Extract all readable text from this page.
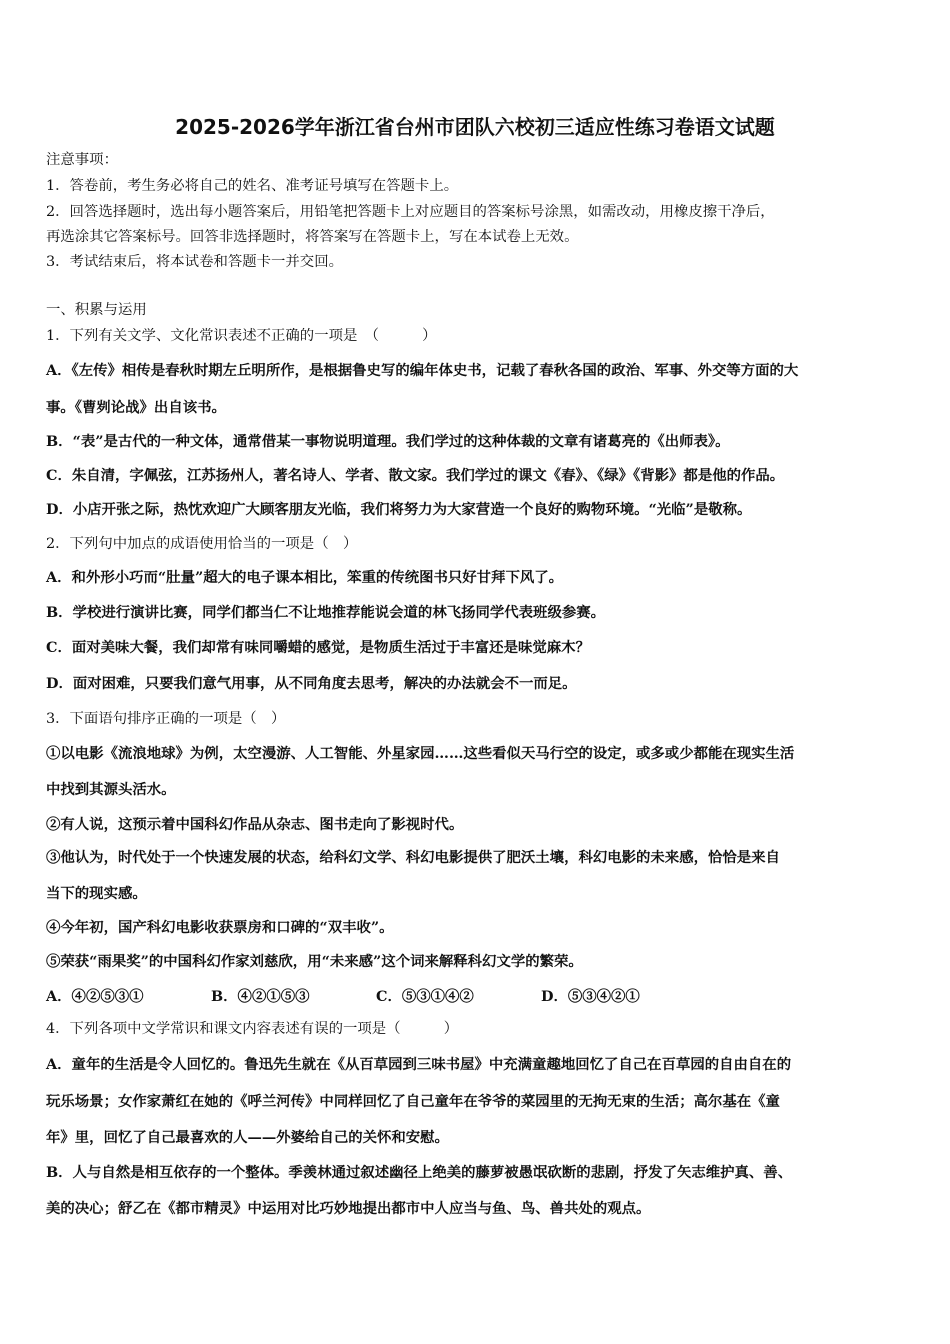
2025-2026学年浙江省台州市团队六校初三适应性练习卷语文试题
注意事项：
1．答卷前，考生务必将自己的姓名、准考证号填写在答题卡上。
2．回答选择题时，选出每小题答案后，用铅笔把答题卡上对应题目的答案标号涂黑，如需改动，用橡皮擦干净后，
再选涂其它答案标号。回答非选择题时，将答案写在答题卡上，写在本试卷上无效。
3．考试结束后，将本试卷和答题卡一并交回。
一、积累与运用
1．下列有关文学、文化常识表述不正确的一项是　（　　　）
A．《左传》相传是春秋时期左丘明所作，是根据鲁史写的编年体史书，记载了春秋各国的政治、军事、外交等方面的大
事。《曹刿论战》出自该书。
B．“表”是古代的一种文体，通常借某一事物说明道理。我们学过的这种体裁的文章有诸葛亮的《出师表》。
C．朱自清，字佩弦，江苏扬州人，著名诗人、学者、散文家。我们学过的课文《春》、《绿》《背影》都是他的作品。
D．小店开张之际，热忱欢迎广大顾客朋友光临，我们将努力为大家营造一个良好的购物环境。“光临”是敬称。
2．下列句中加点的成语使用恰当的一项是（　）
A．和外形小巧而“肚量”超大的电子课本相比，笨重的传统图书只好甘拜下风了。
B．学校进行演讲比赛，同学们都当仁不让地推荐能说会道的林飞扬同学代表班级参赛。
C．面对美味大餐，我们却常有味同嚼蜡的感觉，是物质生活过于丰富还是味觉麻木？
D．面对困难，只要我们意气用事，从不同角度去思考，解决的办法就会不一而足。
3．下面语句排序正确的一项是（　）
①以电影《流浪地球》为例，太空漫游、人工智能、外星家园……这些看似天马行空的设定，或多或少都能在现实生活
中找到其源头活水。
②有人说，这预示着中国科幻作品从杂志、图书走向了影视时代。
③他认为，时代处于一个快速发展的状态，给科幻文学、科幻电影提供了肥沃土壤，科幻电影的未来感，恰恰是来自
当下的现实感。
④今年初，国产科幻电影收获票房和口碑的“双丰收”。
⑤荣获“雨果奖”的中国科幻作家刘慈欣，用“未来感”这个词来解释科幻文学的繁荣。
A．④②⑤③①	B．④②①⑤③	C．⑤③①④②	D．⑤③④②①
4．下列各项中文学常识和课文内容表述有误的一项是（　　　）
A．童年的生活是令人回忆的。鲁迅先生就在《从百草园到三味书屋》中充满童趣地回忆了自己在百草园的自由自在的
玩乐场景；女作家萧红在她的《呼兰河传》中同样回忆了自己童年在爷爷的菜园里的无拘无束的生活；高尔基在《童
年》里，回忆了自己最喜欢的人——外婆给自己的关怀和安慰。
B．人与自然是相互依存的一个整体。季羡林通过叙述幽径上绝美的藤萝被愚氓砍断的悲剧，抒发了矢志维护真、善、
美的决心；舒乙在《都市精灵》中运用对比巧妙地提出都市中人应当与鱼、鸟、兽共处的观点。
